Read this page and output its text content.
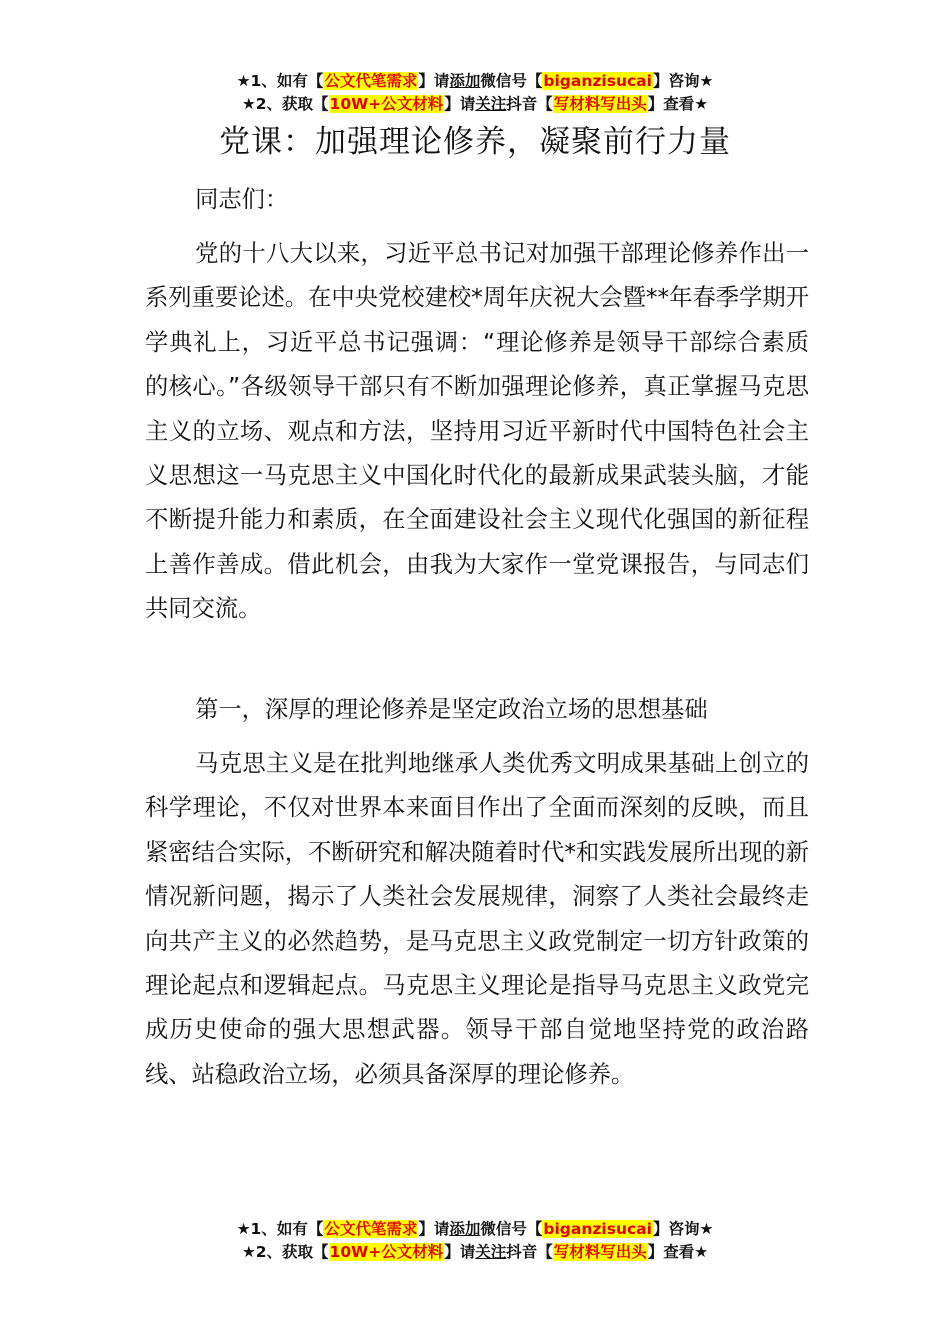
★1、如有【公文代笔需求】请添加微信号【biganzisucai】咨询★
★2、获取【10W+公文材料】请关注抖音【写材料写出头】查看★
党课：加强理论修养，凝聚前行力量

同志们：

党的十八大以来，习近平总书记对加强干部理论修养作出一系列重要论述。在中央党校建校*周年庆祝大会暨**年春季学期开学典礼上，习近平总书记强调：“理论修养是领导干部综合素质的核心。”各级领导干部只有不断加强理论修养，真正掌握马克思主义的立场、观点和方法，坚持用习近平新时代中国特色社会主义思想这一马克思主义中国化时代化的最新成果武装头脑，才能不断提升能力和素质，在全面建设社会主义现代化强国的新征程上善作善成。借此机会，由我为大家作一堂党课报告，与同志们共同交流。

第一，深厚的理论修养是坚定政治立场的思想基础

马克思主义是在批判地继承人类优秀文明成果基础上创立的科学理论，不仅对世界本来面目作出了全面而深刻的反映，而且紧密结合实际，不断研究和解决随着时代*和实践发展所出现的新情况新问题，揭示了人类社会发展规律，洞察了人类社会最终走向共产主义的必然趋势，是马克思主义政党制定一切方针政策的理论起点和逻辑起点。马克思主义理论是指导马克思主义政党完成历史使命的强大思想武器。领导干部自觉地坚持党的政治路线、站稳政治立场，必须具备深厚的理论修养。

★1、如有【公文代笔需求】请添加微信号【biganzisucai】咨询★
★2、获取【10W+公文材料】请关注抖音【写材料写出头】查看★
